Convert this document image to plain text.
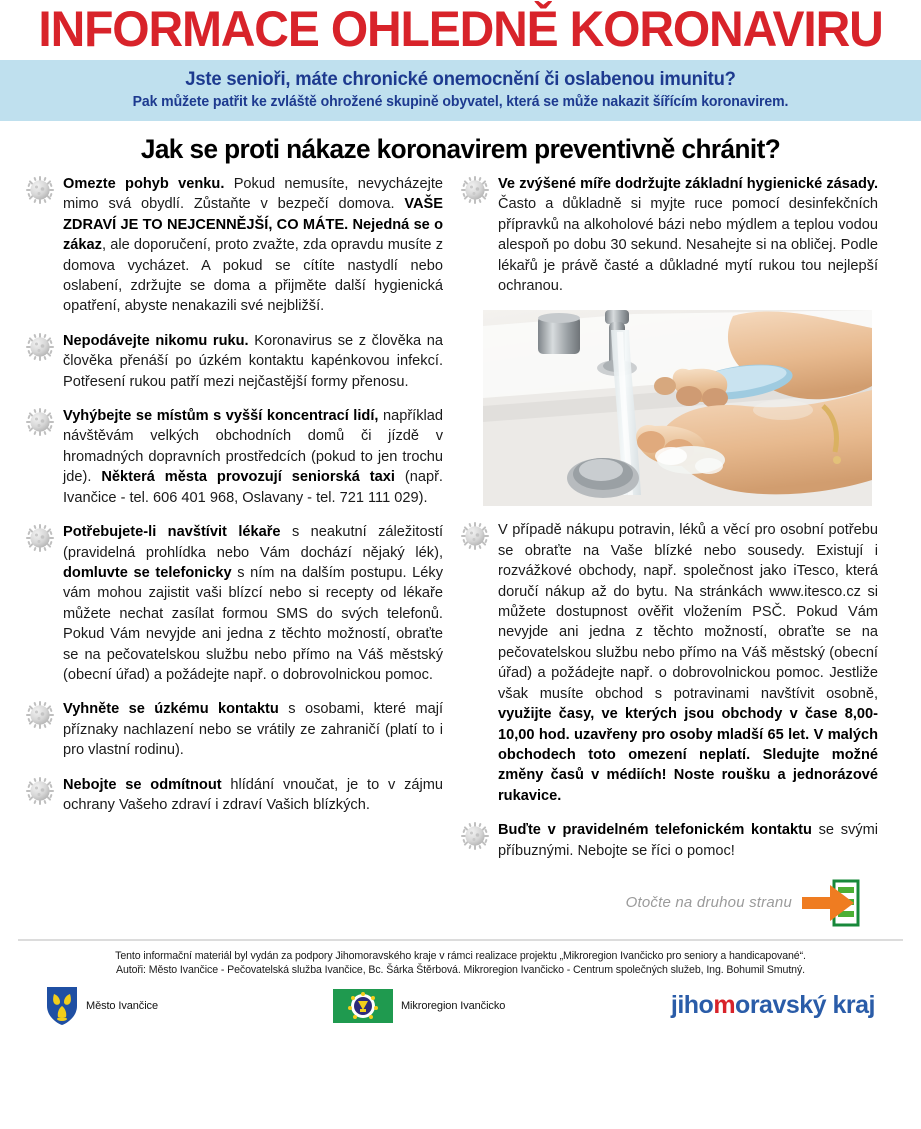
INFORMACE OHLEDNĚ KORONAVIRU
Jste senioři, máte chronické onemocnění či oslabenou imunitu?
Pak můžete patřit ke zvláště ohrožené skupině obyvatel, která se může nakazit šířícím koronavirem.
Jak se proti nákaze koronavirem preventivně chránit?
Omezte pohyb venku. Pokud nemusíte, nevycházejte mimo svá obydlí. Zůstaňte v bezpečí domova. VAŠE ZDRAVÍ JE TO NEJCENNĚJŠÍ, CO MÁTE. Nejedná se o zákaz, ale doporučení, proto zvažte, zda opravdu musíte z domova vycházet. A pokud se cítíte nastydlí nebo oslabení, zdržujte se doma a přijměte další hygienická opatření, abyste nenakazili své nejbližší.
Nepodávejte nikomu ruku. Koronavirus se z člověka na člověka přenáší po úzkém kontaktu kapénkovou infekcí. Potřesení rukou patří mezi nejčastější formy přenosu.
Vyhýbejte se místům s vyšší koncentrací lidí, například návštěvám velkých obchodních domů či jízdě v hromadných dopravních prostředcích (pokud to jen trochu jde). Některá města provozují seniorská taxi (např. Ivančice - tel. 606 401 968, Oslavany - tel. 721 111 029).
Potřebujete-li navštívit lékaře s neakutní záležitostí (pravidelná prohlídka nebo Vám dochází nějaký lék), domluvte se telefonicky s ním na dalším postupu. Léky vám mohou zajistit vaši blízcí nebo si recepty od lékaře můžete nechat zasílat formou SMS do svých telefonů. Pokud Vám nevyjde ani jedna z těchto možností, obraťte se na pečovatelskou službu nebo přímo na Váš městský (obecní úřad) a požádejte např. o dobrovolnickou pomoc.
Vyhněte se úzkému kontaktu s osobami, které mají příznaky nachlazení nebo se vrátily ze zahraničí (platí to i pro vlastní rodinu).
Nebojte se odmítnout hlídání vnoučat, je to v zájmu ochrany Vašeho zdraví i zdraví Vašich blízkých.
Ve zvýšené míře dodržujte základní hygienické zásady. Často a důkladně si myjte ruce pomocí desinfekčních přípravků na alkoholové bázi nebo mýdlem a teplou vodou alespoň po dobu 30 sekund. Nesahejte si na obličej. Podle lékařů je právě časté a důkladné mytí rukou tou nejlepší ochranou.
V případě nákupu potravin, léků a věcí pro osobní potřebu se obraťte na Vaše blízké nebo sousedy. Existují i rozvážkové obchody, např. společnost jako iTesco, která doručí nákup až do bytu. Na stránkách www.itesco.cz si můžete dostupnost ověřit vložením PSČ. Pokud Vám nevyjde ani jedna z těchto možností, obraťte se na pečovatelskou službu nebo přímo na Váš městský (obecní úřad) a požádejte např. o dobrovolnickou pomoc. Jestliže však musíte obchod s potravinami navštívit osobně, využijte časy, ve kterých jsou obchody v čase 8,00-10,00 hod. uzavřeny pro osoby mladší 65 let. V malých obchodech toto omezení neplatí. Sledujte možné změny časů v médiích! Noste roušku a jednorázové rukavice.
Buďte v pravidelném telefonickém kontaktu se svými příbuznými. Nebojte se říci o pomoc!
Otočte na druhou stranu
Tento informační materiál byl vydán za podpory Jihomoravského kraje v rámci realizace projektu „Mikroregion Ivančicko pro seniory a handicapované“.
Autoři: Město Ivančice - Pečovatelská služba Ivančice, Bc. Šárka Štěrbová. Mikroregion Ivančicko - Centrum společných služeb, Ing. Bohumil Smutný.
Město Ivančice	Mikroregion Ivančicko	jihomoravský kraj
